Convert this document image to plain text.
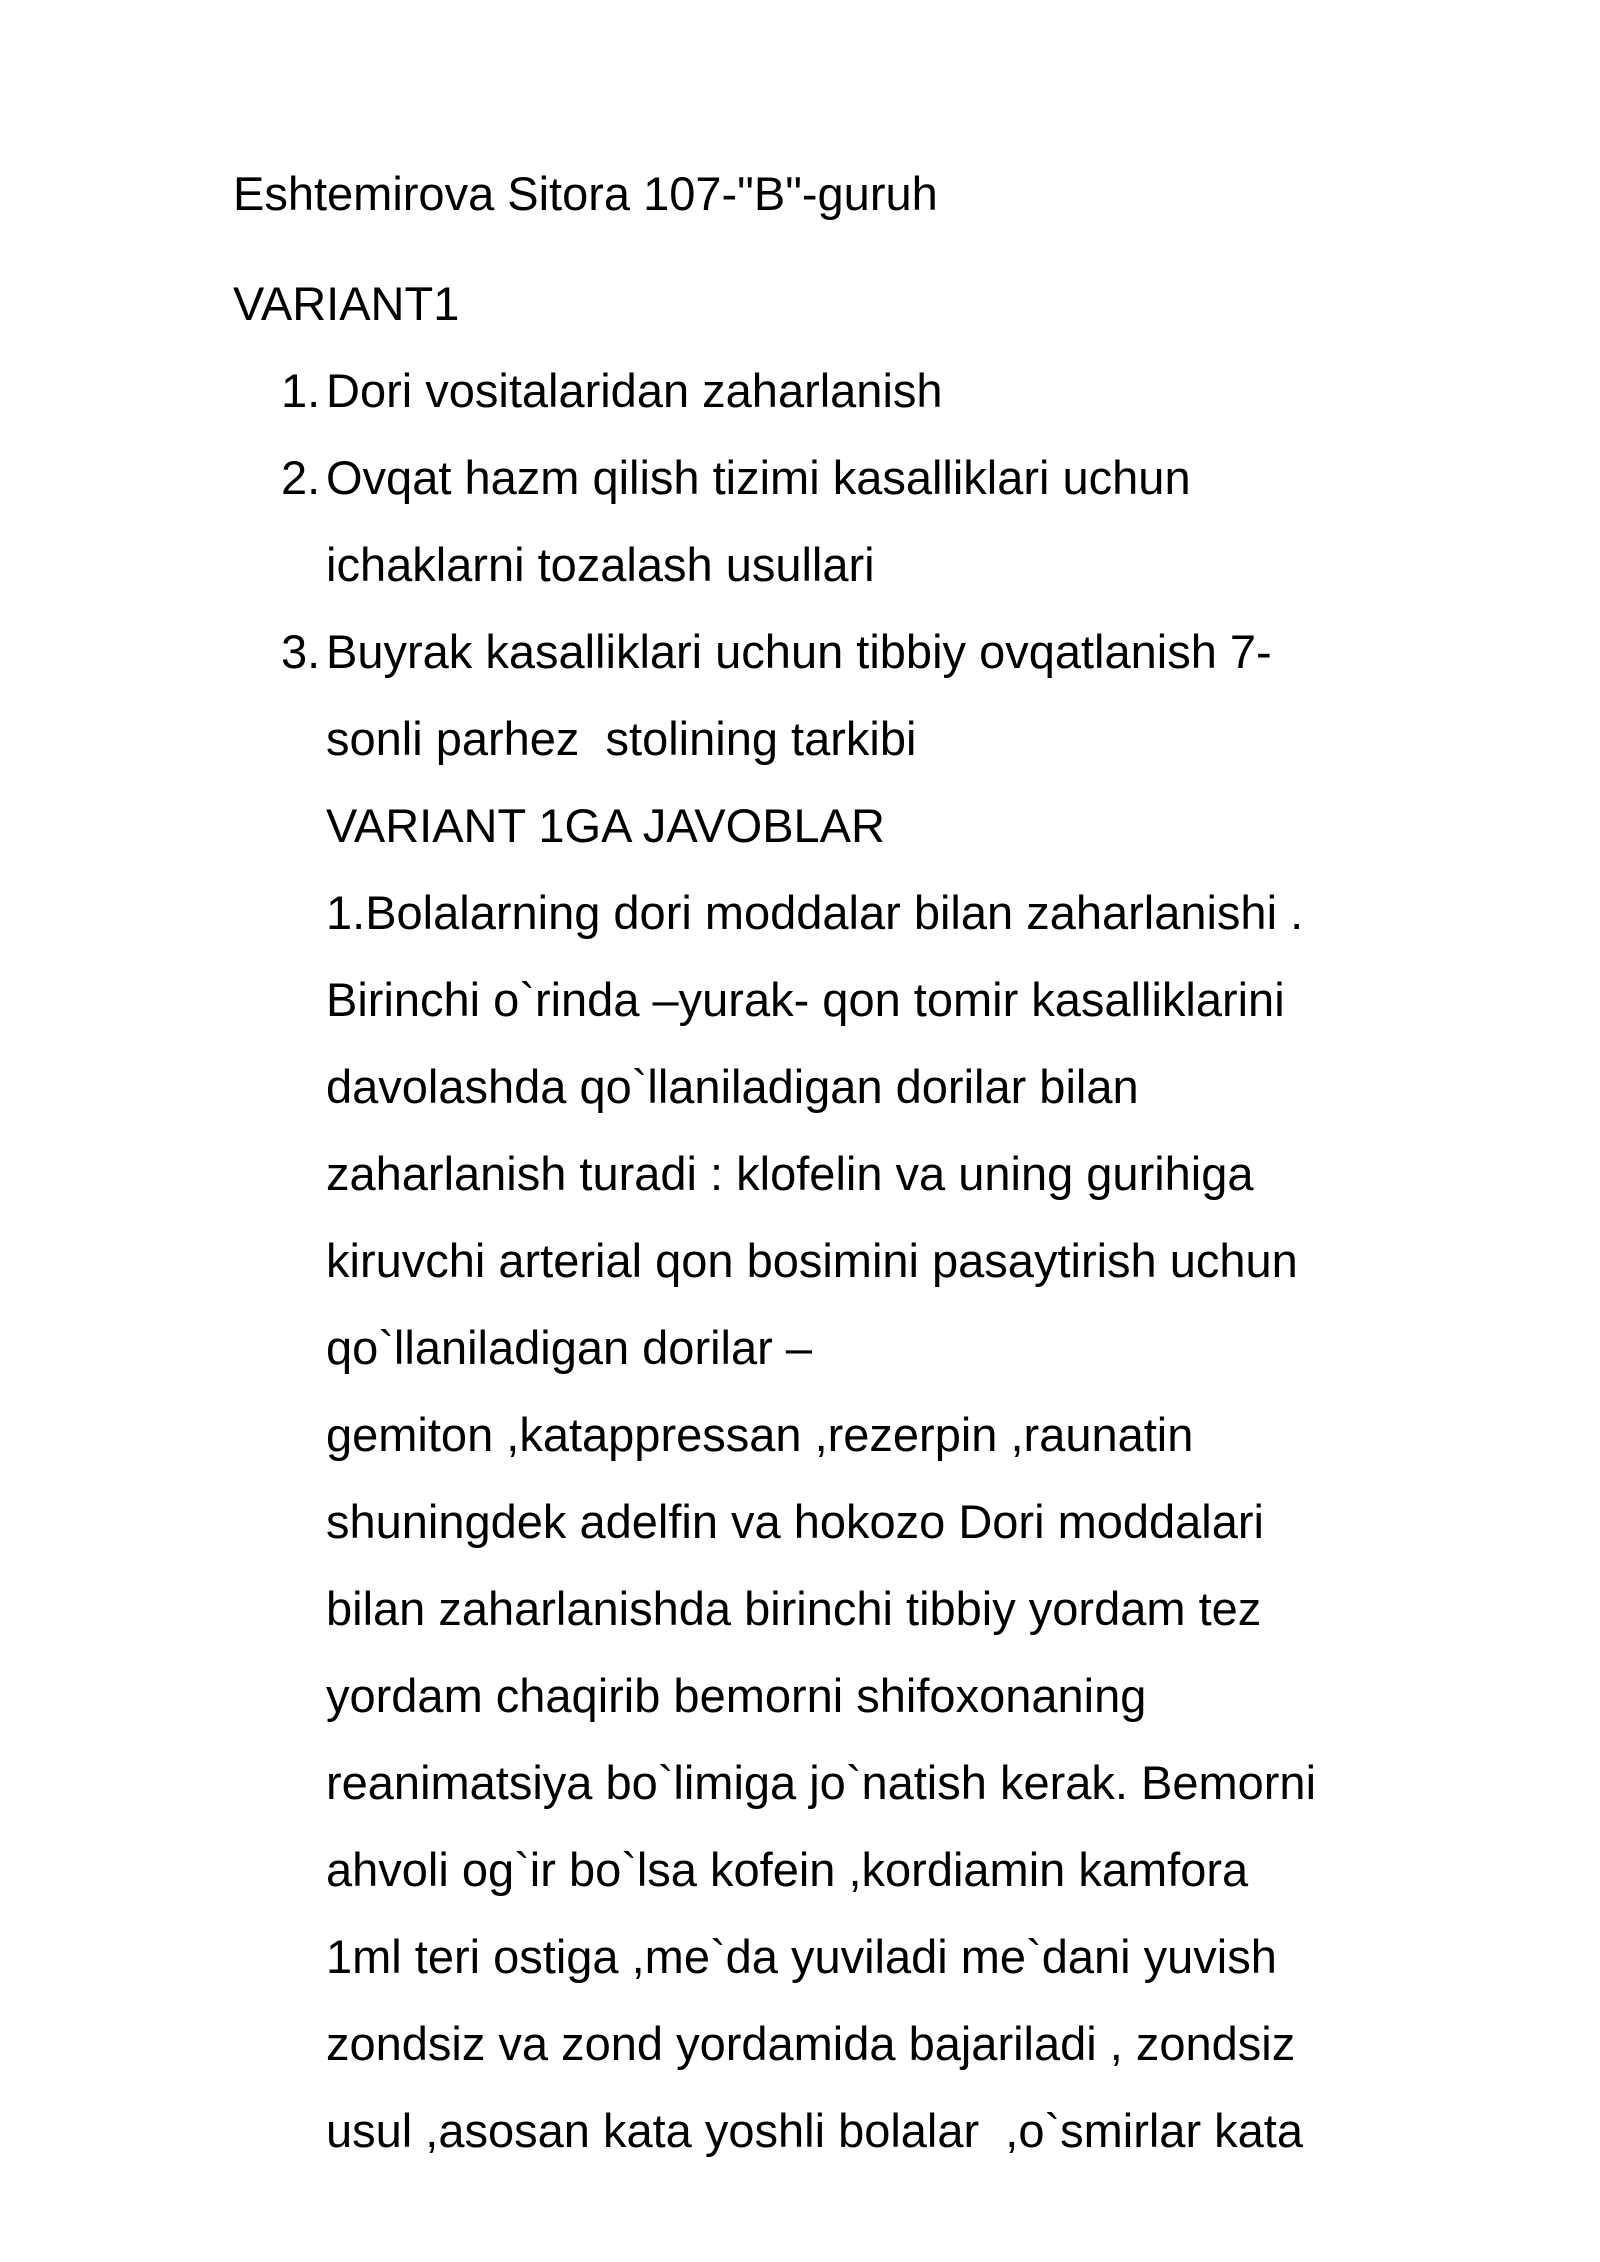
Eshtemirova Sitora 107-"B"-guruh
VARIANT1
1. Dori vositalaridan zaharlanish
2. Ovqat hazm qilish tizimi kasalliklari uchun
ichaklarni tozalash usullari
3. Buyrak kasalliklari uchun tibbiy ovqatlanish 7-
sonli parhez  stolining tarkibi
VARIANT 1GA JAVOBLAR
1.Bolalarning dori moddalar bilan zaharlanishi .
Birinchi o`rinda –yurak- qon tomir kasalliklarini
davolashda qo`llaniladigan dorilar bilan
zaharlanish turadi : klofelin va uning gurihiga
kiruvchi arterial qon bosimini pasaytirish uchun
qo`llaniladigan dorilar –
gemiton ,katappressan ,rezerpin ,raunatin
shuningdek adelfin va hokozo Dori moddalari
bilan zaharlanishda birinchi tibbiy yordam tez
yordam chaqirib bemorni shifoxonaning
reanimatsiya bo`limiga jo`natish kerak. Bemorni
ahvoli og`ir bo`lsa kofein ,kordiamin kamfora
1ml teri ostiga ,me`da yuviladi me`dani yuvish
zondsiz va zond yordamida bajariladi , zondsiz
usul ,asosan kata yoshli bolalar  ,o`smirlar kata
